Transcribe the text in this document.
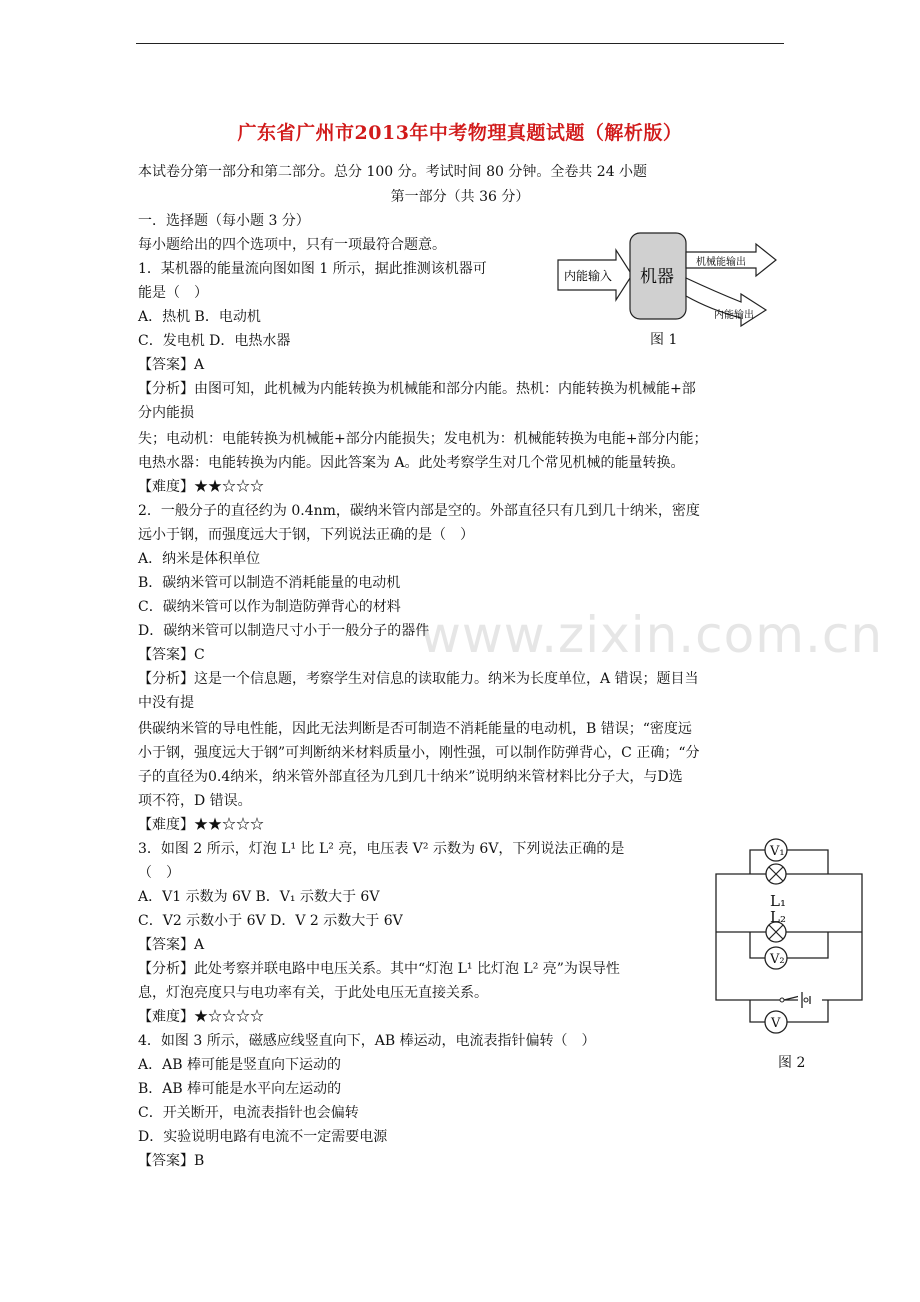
www.zixin.com.cn
广东省广州市2013年中考物理真题试题（解析版）
本试卷分第一部分和第二部分。总分 100 分。考试时间 80 分钟。全卷共 24 小题
第一部分（共 36 分）
一．选择题（每小题 3 分）
每小题给出的四个选项中，只有一项最符合题意。
1．某机器的能量流向图如图 1 所示，据此推测该机器可
能是（　）
A．热机 B．电动机
C．发电机 D．电热水器
【答案】A
【分析】由图可知，此机械为内能转换为机械能和部分内能。热机：内能转换为机械能+部
分内能损
失；电动机：电能转换为机械能+部分内能损失；发电机为：机械能转换为电能+部分内能；
电热水器：电能转换为内能。因此答案为 A。此处考察学生对几个常见机械的能量转换。
【难度】★★☆☆☆
内能输入 机器
机械能输出
内能输出
图 1
2．一般分子的直径约为 0.4nm，碳纳米管内部是空的。外部直径只有几到几十纳米，密度
远小于钢，而强度远大于钢，下列说法正确的是（　）
A．纳米是体积单位
B．碳纳米管可以制造不消耗能量的电动机
C．碳纳米管可以作为制造防弹背心的材料
D．碳纳米管可以制造尺寸小于一般分子的器件
【答案】C
【分析】这是一个信息题，考察学生对信息的读取能力。纳米为长度单位，A 错误；题目当
中没有提
供碳纳米管的导电性能，因此无法判断是否可制造不消耗能量的电动机，B 错误；“密度远
小于钢，强度远大于钢”可判断纳米材料质量小，刚性强，可以制作防弹背心，C 正确；“分
子的直径为0.4纳米，纳米管外部直径为几到几十纳米”说明纳米管材料比分子大，与D选
项不符，D 错误。
【难度】★★☆☆☆
3．如图 2 所示，灯泡 L¹ 比 L² 亮，电压表 V² 示数为 6V，下列说法正确的是
（　）
A．V1 示数为 6V B．V₁ 示数大于 6V
C．V2 示数小于 6V D．V 2 示数大于 6V
【答案】A
【分析】此处考察并联电路中电压关系。其中“灯泡 L¹ 比灯泡 L² 亮”为误导性
息，灯泡亮度只与电功率有关，于此处电压无直接关系。
【难度】★☆☆☆☆
V₁
L₁
L₂
V₂
V
图 2
4．如图 3 所示，磁感应线竖直向下，AB 棒运动，电流表指针偏转（　）
A．AB 棒可能是竖直向下运动的
B．AB 棒可能是水平向左运动的
C．开关断开，电流表指针也会偏转
D．实验说明电路有电流不一定需要电源
【答案】B
